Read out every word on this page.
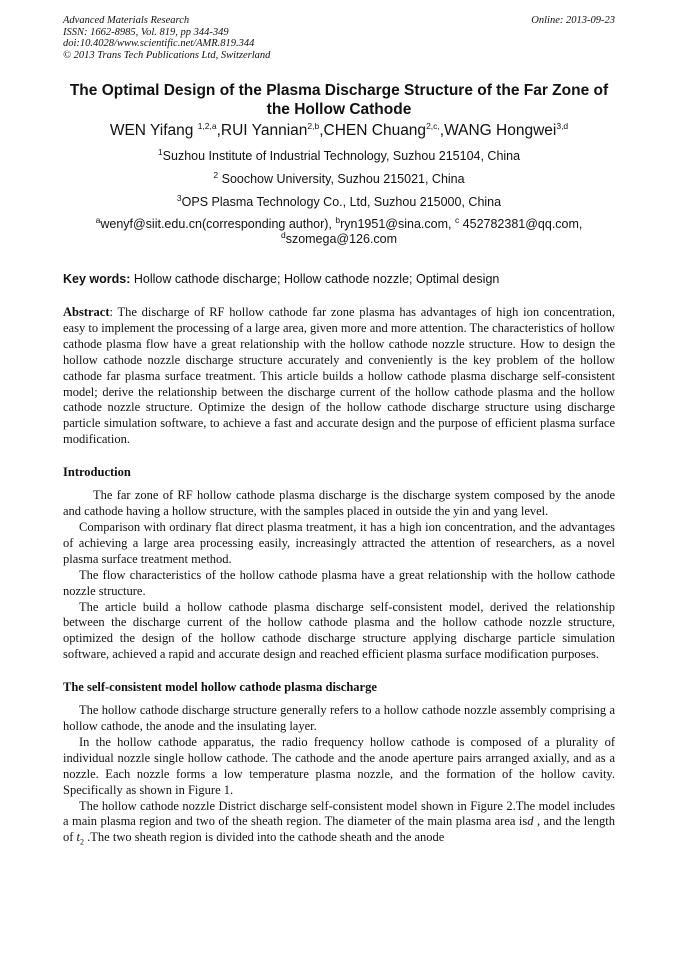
Advanced Materials Research
ISSN: 1662-8985, Vol. 819, pp 344-349
doi:10.4028/www.scientific.net/AMR.819.344
© 2013 Trans Tech Publications Ltd, Switzerland
Online: 2013-09-23
The Optimal Design of the Plasma Discharge Structure of the Far Zone of the Hollow Cathode
WEN Yifang $^{1,2,a}$,RUI Yannian$^{2,b}$,CHEN Chuang$^{2,c,}$,WANG Hongwei$^{3,d}$
$^1$Suzhou Institute of Industrial Technology, Suzhou 215104, China
$^2$ Soochow University, Suzhou 215021, China
$^3$OPS Plasma Technology Co., Ltd, Suzhou 215000, China
$^a$wenyf@siit.edu.cn(corresponding author), $^b$ryn1951@sina.com, $^c$ 452782381@qq.com,
$^d$szomega@126.com
Key words: Hollow cathode discharge; Hollow cathode nozzle; Optimal design
Abstract: The discharge of RF hollow cathode far zone plasma has advantages of high ion concentration, easy to implement the processing of a large area, given more and more attention. The characteristics of hollow cathode plasma flow have a great relationship with the hollow cathode nozzle structure. How to design the hollow cathode nozzle discharge structure accurately and conveniently is the key problem of the hollow cathode far plasma surface treatment. This article builds a hollow cathode plasma discharge self-consistent model; derive the relationship between the discharge current of the hollow cathode plasma and the hollow cathode nozzle structure. Optimize the design of the hollow cathode discharge structure using discharge particle simulation software, to achieve a fast and accurate design and the purpose of efficient plasma surface modification.
Introduction

The far zone of RF hollow cathode plasma discharge is the discharge system composed by the anode and cathode having a hollow structure, with the samples placed in outside the yin and yang level.

Comparison with ordinary flat direct plasma treatment, it has a high ion concentration, and the advantages of achieving a large area processing easily, increasingly attracted the attention of researchers, as a novel plasma surface treatment method.

The flow characteristics of the hollow cathode plasma have a great relationship with the hollow cathode nozzle structure.

The article build a hollow cathode plasma discharge self-consistent model, derived the relationship between the discharge current of the hollow cathode plasma and the hollow cathode nozzle structure, optimized the design of the hollow cathode discharge structure applying discharge particle simulation software, achieved a rapid and accurate design and reached efficient plasma surface modification purposes.

The self-consistent model hollow cathode plasma discharge

The hollow cathode discharge structure generally refers to a hollow cathode nozzle assembly comprising a hollow cathode, the anode and the insulating layer.

In the hollow cathode apparatus, the radio frequency hollow cathode is composed of a plurality of individual nozzle single hollow cathode. The cathode and the anode aperture pairs arranged axially, and as a nozzle. Each nozzle forms a low temperature plasma nozzle, and the formation of the hollow cavity. Specifically as shown in Figure 1.

The hollow cathode nozzle District discharge self-consistent model shown in Figure 2.The model includes a main plasma region and two of the sheath region. The diameter of the main plasma area isd , and the length of $t_2$ .The two sheath region is divided into the cathode sheath and the anode
